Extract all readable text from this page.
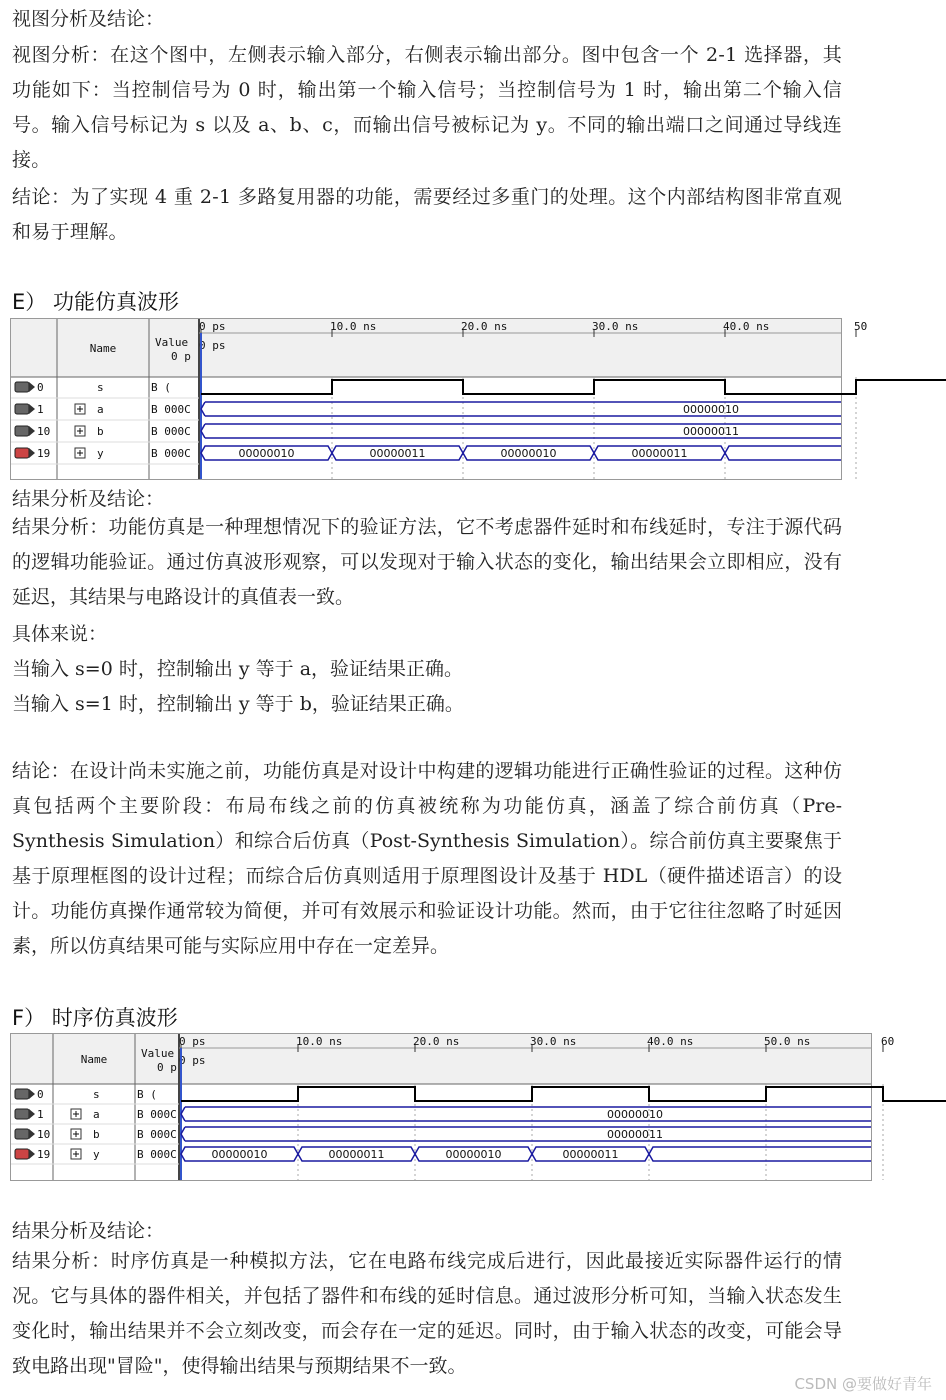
视图分析及结论：
视图分析：在这个图中，左侧表示输入部分，右侧表示输出部分。图中包含一个 2-1 选择器，其功能如下：当控制信号为 0 时，输出第一个输入信号；当控制信号为 1 时，输出第二个输入信号。输入信号标记为 s 以及 a、b、c，而输出信号被标记为 y。不同的输出端口之间通过导线连接。
结论：为了实现 4 重 2-1 多路复用器的功能，需要经过多重门的处理。这个内部结构图非常直观和易于理解。
E） 功能仿真波形
Name	Value
0 p
0 ps	10.0 ns	20.0 ns	30.0 ns	40.0 ns	50
0 ps
0	s	B (
1	a	B 000C	00000010
10	b	B 000C	00000011
19	y	B 000C	00000010	00000011	00000010	00000011
结果分析及结论：
结果分析：功能仿真是一种理想情况下的验证方法，它不考虑器件延时和布线延时，专注于源代码的逻辑功能验证。通过仿真波形观察，可以发现对于输入状态的变化，输出结果会立即相应，没有延迟，其结果与电路设计的真值表一致。
具体来说：
当输入 s=0 时，控制输出 y 等于 a，验证结果正确。
当输入 s=1 时，控制输出 y 等于 b，验证结果正确。
结论：在设计尚未实施之前，功能仿真是对设计中构建的逻辑功能进行正确性验证的过程。这种仿真包括两个主要阶段：布局布线之前的仿真被统称为功能仿真，涵盖了综合前仿真（Pre-Synthesis Simulation）和综合后仿真（Post-Synthesis Simulation）。综合前仿真主要聚焦于基于原理框图的设计过程；而综合后仿真则适用于原理图设计及基于 HDL（硬件描述语言）的设计。功能仿真操作通常较为简便，并可有效展示和验证设计功能。然而，由于它往往忽略了时延因素，所以仿真结果可能与实际应用中存在一定差异。
F） 时序仿真波形
Name	Value
0 p
0 ps	10.0 ns	20.0 ns	30.0 ns	40.0 ns	50.0 ns	60
0 ps
0	s	B (
1	a	B 000C	00000010
10	b	B 000C	00000011
19	y	B 000C	00000010	00000011	00000010	00000011
结果分析及结论：
结果分析：时序仿真是一种模拟方法，它在电路布线完成后进行，因此最接近实际器件运行的情况。它与具体的器件相关，并包括了器件和布线的延时信息。通过波形分析可知，当输入状态发生变化时，输出结果并不会立刻改变，而会存在一定的延迟。同时，由于输入状态的改变，可能会导致电路出现"冒险"，使得输出结果与预期结果不一致。
CSDN @要做好青年
